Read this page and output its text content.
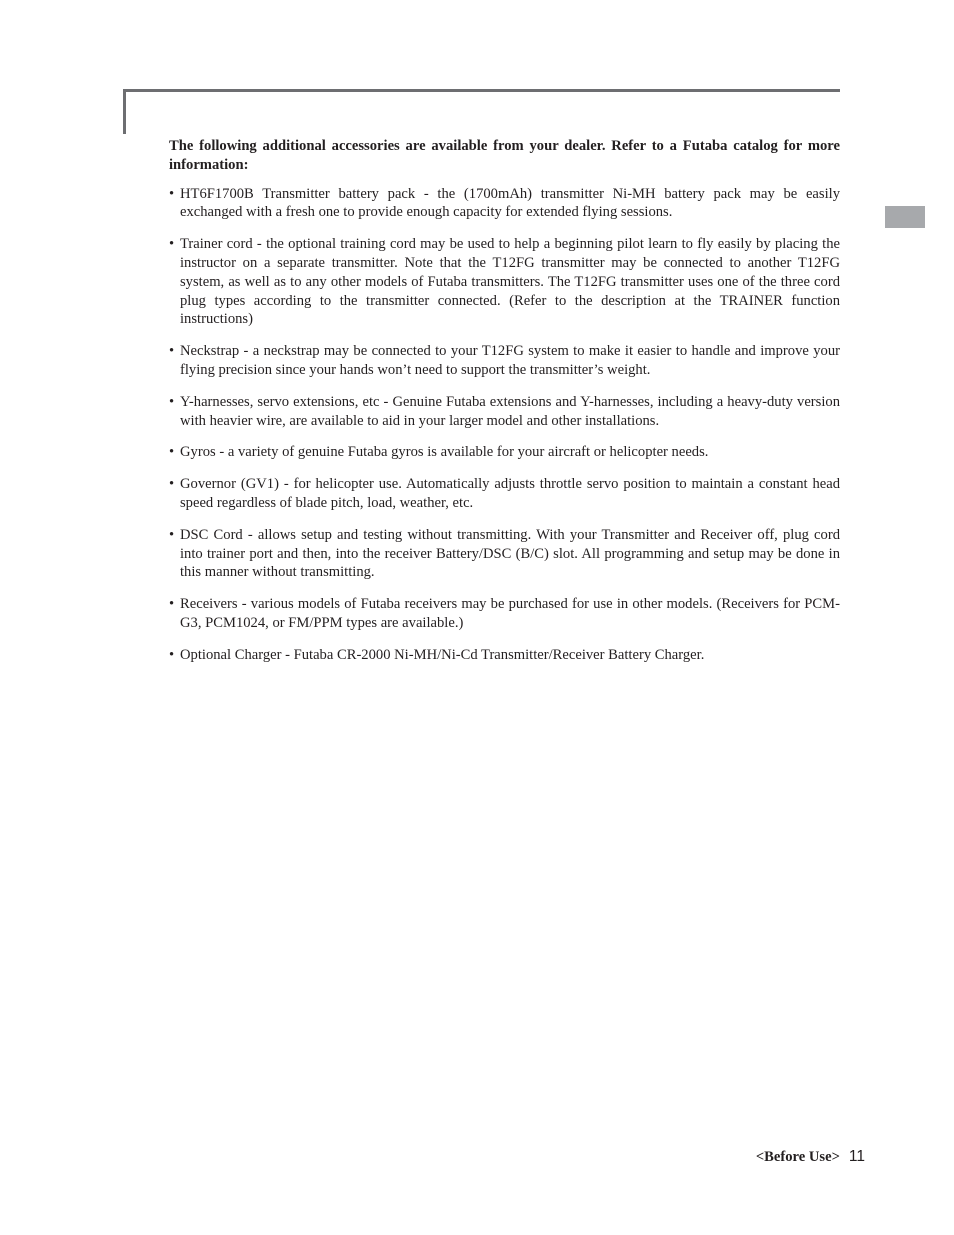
The following additional accessories are available from your dealer. Refer to a Futaba catalog for more information:

• HT6F1700B Transmitter battery pack - the (1700mAh) transmitter Ni-MH battery pack may be easily exchanged with a fresh one to provide enough capacity for extended flying sessions.
• Trainer cord - the optional training cord may be used to help a beginning pilot learn to fly easily by placing the instructor on a separate transmitter. Note that the T12FG transmitter may be connected to another T12FG system, as well as to any other models of Futaba transmitters. The T12FG transmitter uses one of the three cord plug types according to the transmitter connected. (Refer to the description at the TRAINER function instructions)
• Neckstrap - a neckstrap may be connected to your T12FG system to make it easier to handle and improve your flying precision since your hands won’t need to support the transmitter’s weight.
• Y-harnesses, servo extensions, etc - Genuine Futaba extensions and Y-harnesses, including a heavy-duty version with heavier wire, are available to aid in your larger model and other installations.
• Gyros - a variety of genuine Futaba gyros is available for your aircraft or helicopter needs.
• Governor (GV1) - for helicopter use. Automatically adjusts throttle servo position to maintain a constant head speed regardless of blade pitch, load, weather, etc.
• DSC Cord - allows setup and testing without transmitting. With your Transmitter and Receiver off, plug cord into trainer port and then, into the receiver Battery/DSC (B/C) slot. All programming and setup may be done in this manner without transmitting.
• Receivers - various models of Futaba receivers may be purchased for use in other models. (Receivers for PCM-G3, PCM1024, or FM/PPM types are available.)
• Optional Charger - Futaba CR-2000 Ni-MH/Ni-Cd Transmitter/Receiver Battery Charger.
<Before Use> 11
